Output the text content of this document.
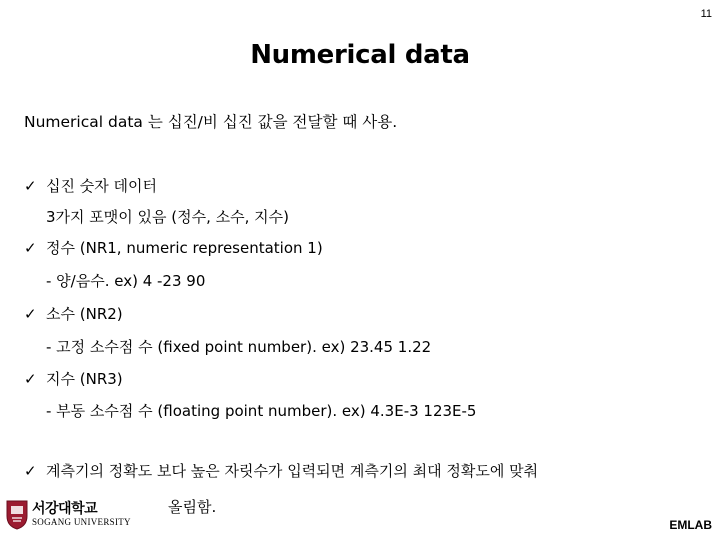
11
Numerical data
Numerical data 는 십진/비 십진 값을 전달할 때 사용.
✓ 십진 숫자 데이터
3가지 포맷이 있음 (정수, 소수, 지수)
✓ 정수 (NR1, numeric representation 1)
- 양/음수. ex) 4 -23 90
✓ 소수 (NR2)
- 고정 소수점 수 (fixed point number). ex) 23.45 1.22
✓ 지수 (NR3)
- 부동 소수점 수 (floating point number). ex) 4.3E-3 123E-5
✓ 계측기의 정확도 보다 높은 자릿수가 입력되면 계측기의 최대 정확도에 맞춰
올림함.
서강대학교
SOGANG UNIVERSITY	EMLAB
